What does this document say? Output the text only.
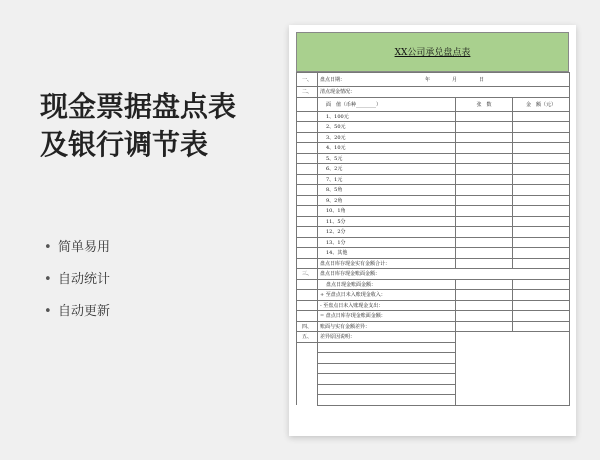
现金票据盘点表
及银行调节表
• 简单易用
• 自动统计
• 自动更新
XX公司承兑盘点表
一、	盘点日期： 年 月 日		
二、	清点现金情况：		
	面　值（币种________）	张　数	金　额（元）
	1、100元		
	2、50元		
	3、20元		
	4、10元		
	5、5元		
	6、2元		
	7、1元		
	8、5角		
	9、2角		
	10、1角		
	11、5分		
	12、2分		
	13、1分		
	14、其他		
	盘点日库存现金实有金额合计：		
三、	盘点日库存现金账面金额：		
	盘点日现金账面金额：		
	+ 至盘点日未入账现金收入：		
	- 至盘点日未入账现金支出：		
	= 盘点日库存现金账面金额：		
四、	账面与实有金额差异：		
五、	差异原因说明：		
